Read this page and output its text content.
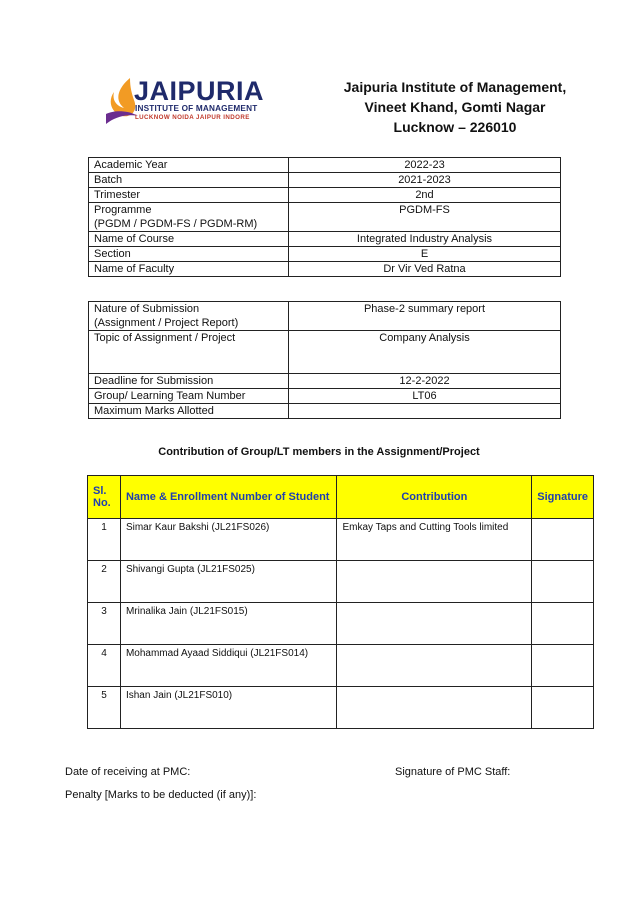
JAIPURIA
INSTITUTE OF MANAGEMENT
LUCKNOW NOIDA JAIPUR INDORE
Jaipuria Institute of Management,
Vineet Khand, Gomti Nagar
Lucknow – 226010
Academic Year	2022-23
Batch	2021-2023
Trimester	2nd

Programme
(PGDM / PGDM-FS / PGDM-RM)	PGDM-FS
Name of Course	Integrated Industry Analysis
Section	E
Name of Faculty	Dr Vir Ved Ratna
Nature of Submission
(Assignment / Project Report)	Phase-2 summary report
Topic of Assignment / Project	Company Analysis
Deadline for Submission	12-2-2022
Group/ Learning Team Number	LT06
Maximum Marks Allotted	
Contribution of Group/LT members in the Assignment/Project
Sl.
No.	Name & Enrollment Number of Student	Contribution	Signature
1	Simar Kaur Bakshi (JL21FS026)	Emkay Taps and Cutting Tools limited	
2	Shivangi Gupta (JL21FS025)		
3	Mrinalika Jain (JL21FS015)		
4	Mohammad Ayaad Siddiqui (JL21FS014)		
5	Ishan Jain (JL21FS010)		
Date of receiving at PMC:	Signature of PMC Staff:
Penalty [Marks to be deducted (if any)]:
